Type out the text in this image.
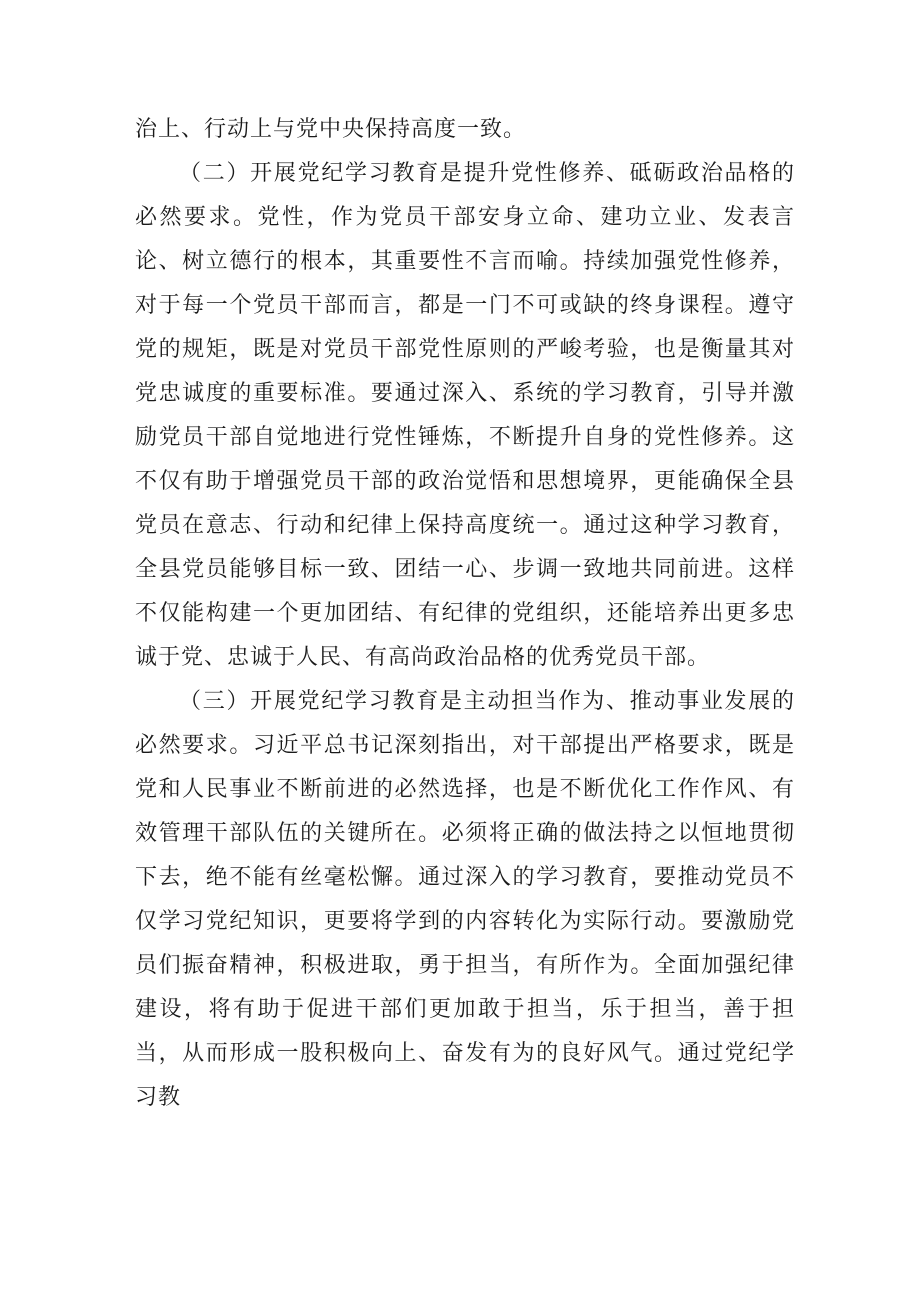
治上、行动上与党中央保持高度一致。

（二）开展党纪学习教育是提升党性修养、砥砺政治品格的必然要求。党性，作为党员干部安身立命、建功立业、发表言论、树立德行的根本，其重要性不言而喻。持续加强党性修养，对于每一个党员干部而言，都是一门不可或缺的终身课程。遵守党的规矩，既是对党员干部党性原则的严峻考验，也是衡量其对党忠诚度的重要标准。要通过深入、系统的学习教育，引导并激励党员干部自觉地进行党性锤炼，不断提升自身的党性修养。这不仅有助于增强党员干部的政治觉悟和思想境界，更能确保全县党员在意志、行动和纪律上保持高度统一。通过这种学习教育，全县党员能够目标一致、团结一心、步调一致地共同前进。这样不仅能构建一个更加团结、有纪律的党组织，还能培养出更多忠诚于党、忠诚于人民、有高尚政治品格的优秀党员干部。

（三）开展党纪学习教育是主动担当作为、推动事业发展的必然要求。习近平总书记深刻指出，对干部提出严格要求，既是党和人民事业不断前进的必然选择，也是不断优化工作作风、有效管理干部队伍的关键所在。必须将正确的做法持之以恒地贯彻下去，绝不能有丝毫松懈。通过深入的学习教育，要推动党员不仅学习党纪知识，更要将学到的内容转化为实际行动。要激励党员们振奋精神，积极进取，勇于担当，有所作为。全面加强纪律建设，将有助于促进干部们更加敢于担当，乐于担当，善于担当，从而形成一股积极向上、奋发有为的良好风气。通过党纪学习教
